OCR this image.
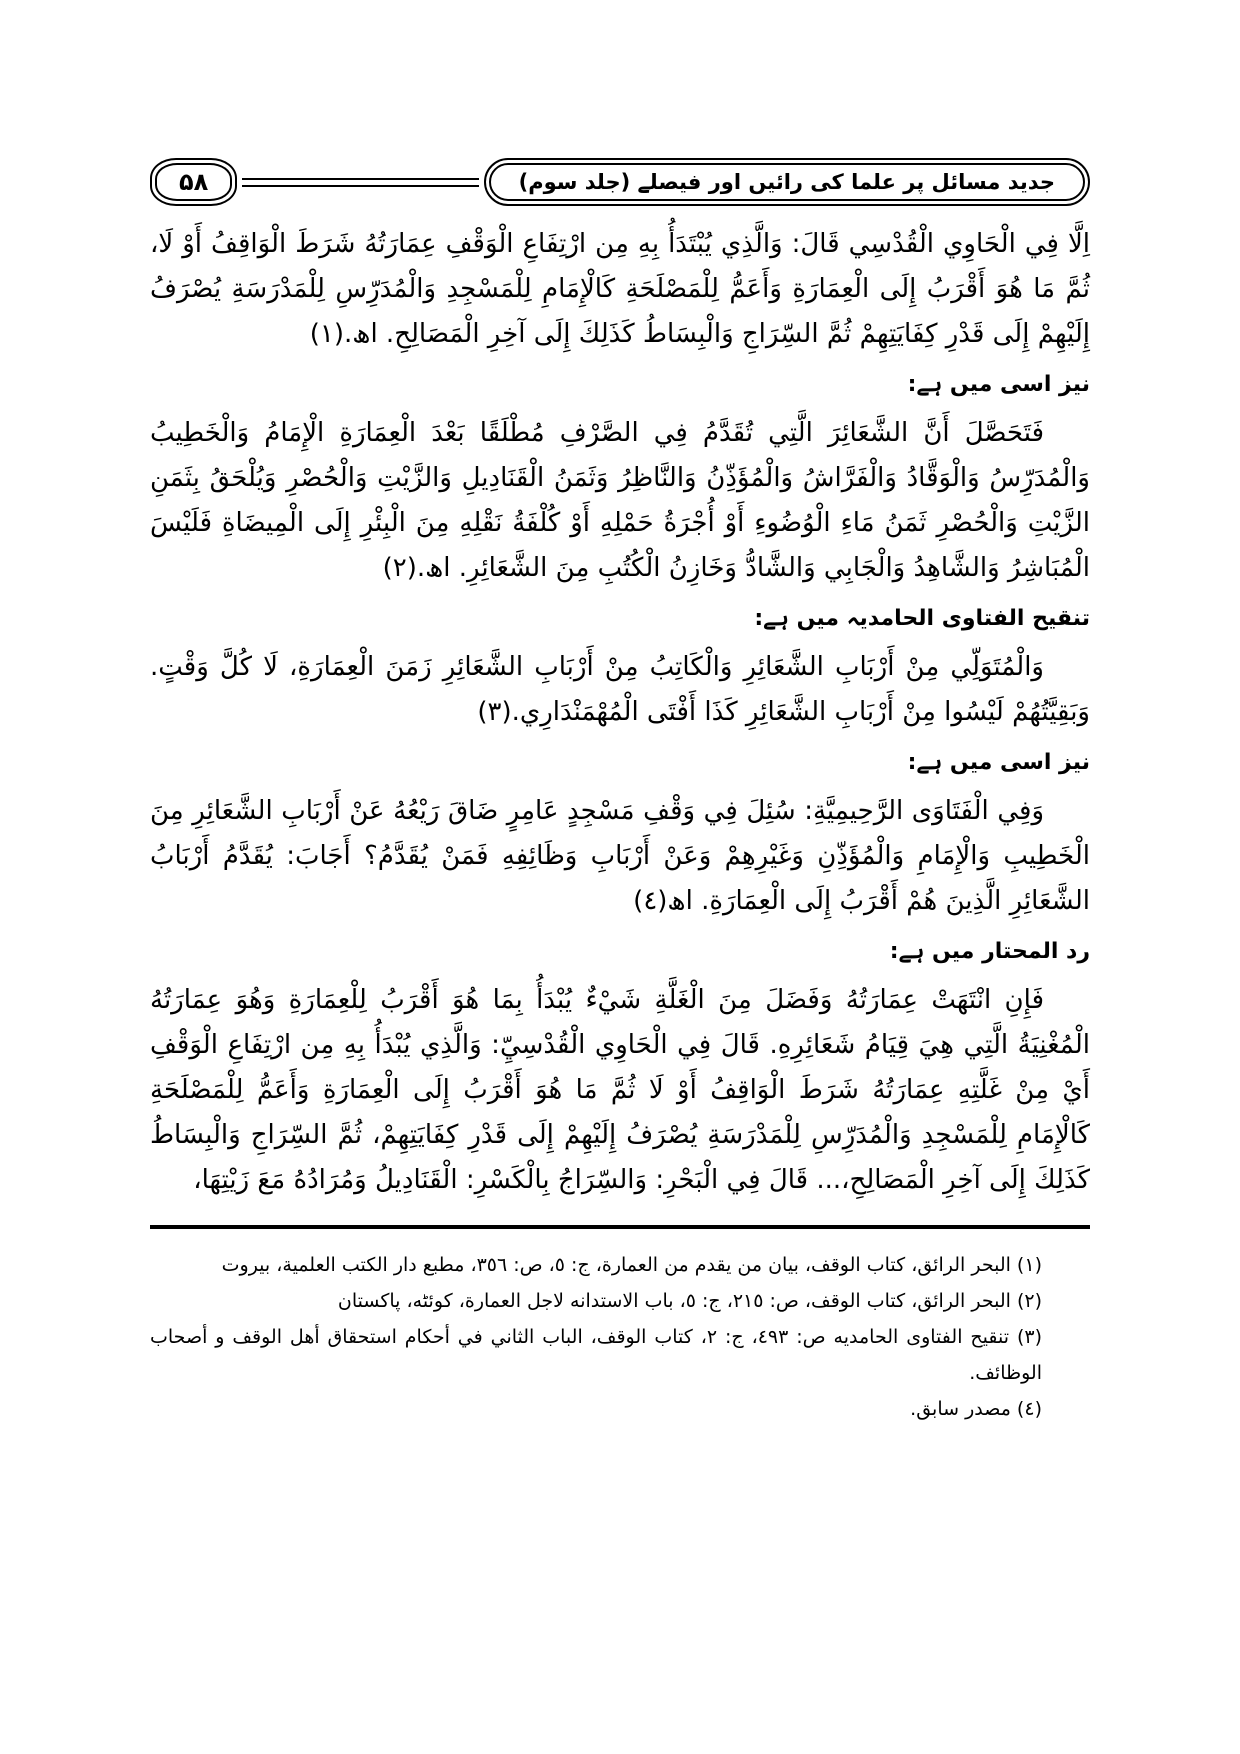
۵۸	جدید مسائل پر علما کی رائیں اور فیصلے (جلد سوم)

اِلَّا فِي الْحَاوِي الْقُدْسِي قَالَ: وَالَّذِي يُبْتَدَأُ بِهِ مِن ارْتِفَاعِ الْوَقْفِ عِمَارَتُهُ شَرَطَ الْوَاقِفُ أَوْ لَا، ثُمَّ مَا هُوَ أَقْرَبُ إِلَى الْعِمَارَةِ وَأَعَمُّ لِلْمَصْلَحَةِ كَالْإِمَامِ لِلْمَسْجِدِ وَالْمُدَرِّسِ لِلْمَدْرَسَةِ يُصْرَفُ إِلَيْهِمْ إِلَى قَدْرِ كِفَايَتِهِمْ ثُمَّ السِّرَاجِ وَالْبِسَاطُ كَذَلِكَ إِلَى آخِرِ الْمَصَالِحِ. اھ.(١)

نیز اسی میں ہے:

فَتَحَصَّلَ أَنَّ الشَّعَائِرَ الَّتِي تُقَدَّمُ فِي الصَّرْفِ مُطْلَقًا بَعْدَ الْعِمَارَةِ الْإِمَامُ وَالْخَطِيبُ وَالْمُدَرِّسُ وَالْوَقَّادُ وَالْفَرَّاشُ وَالْمُؤَذِّنُ وَالنَّاظِرُ وَثَمَنُ الْقَنَادِيلِ وَالزَّيْتِ وَالْحُصْرِ وَيُلْحَقُ بِثَمَنِ الزَّيْتِ وَالْحُصْرِ ثَمَنُ مَاءِ الْوُضُوءِ أَوْ أُجْرَةُ حَمْلِهِ أَوْ كُلْفَةُ نَقْلِهِ مِنَ الْبِئْرِ إِلَى الْمِيضَاةِ فَلَيْسَ الْمُبَاشِرُ وَالشَّاهِدُ وَالْجَابِي وَالشَّادُّ وَخَازِنُ الْكُتُبِ مِنَ الشَّعَائِرِ. اھ.(٢)

تنقیح الفتاوی الحامدیہ میں ہے:

وَالْمُتَوَلِّي مِنْ أَرْبَابِ الشَّعَائِرِ وَالْكَاتِبُ مِنْ أَرْبَابِ الشَّعَائِرِ زَمَنَ الْعِمَارَةِ، لَا كُلَّ وَقْتٍ. وَبَقِيَّتُهُمْ لَيْسُوا مِنْ أَرْبَابِ الشَّعَائِرِ كَذَا أَفْتَى الْمُهْمَنْدَارِي.(٣)

نیز اسی میں ہے:

وَفِي الْفَتَاوَى الرَّحِيمِيَّةِ: سُئِلَ فِي وَقْفِ مَسْجِدٍ عَامِرٍ ضَاقَ رَيْعُهُ عَنْ أَرْبَابِ الشَّعَائِرِ مِنَ الْخَطِيبِ وَالْإِمَامِ وَالْمُؤَذِّنِ وَغَيْرِهِمْ وَعَنْ أَرْبَابِ وَظَائِفِهِ فَمَنْ يُقَدَّمُ؟ أَجَابَ: يُقَدَّمُ أَرْبَابُ الشَّعَائِرِ الَّذِينَ هُمْ أَقْرَبُ إِلَى الْعِمَارَةِ. اھ(٤)

رد المحتار میں ہے:

فَإِنِ انْتَهَتْ عِمَارَتُهُ وَفَضَلَ مِنَ الْغَلَّةِ شَيْءٌ يُبْدَأُ بِمَا هُوَ أَقْرَبُ لِلْعِمَارَةِ وَهُوَ عِمَارَتُهُ الْمُغْنِيَةُ الَّتِي هِيَ قِيَامُ شَعَائِرِهِ. قَالَ فِي الْحَاوِي الْقُدْسِيِّ: وَالَّذِي يُبْدَأُ بِهِ مِن ارْتِفَاعِ الْوَقْفِ أَيْ مِنْ غَلَّتِهِ عِمَارَتُهُ شَرَطَ الْوَاقِفُ أَوْ لَا ثُمَّ مَا هُوَ أَقْرَبُ إِلَى الْعِمَارَةِ وَأَعَمُّ لِلْمَصْلَحَةِ كَالْإِمَامِ لِلْمَسْجِدِ وَالْمُدَرِّسِ لِلْمَدْرَسَةِ يُصْرَفُ إِلَيْهِمْ إِلَى قَدْرِ كِفَايَتِهِمْ، ثُمَّ السِّرَاجِ وَالْبِسَاطُ كَذَلِكَ إِلَى آخِرِ الْمَصَالِحِ،... قَالَ فِي الْبَحْرِ: وَالسِّرَاجُ بِالْكَسْرِ: الْقَنَادِيلُ وَمُرَادُهُ مَعَ زَيْتِهَا،

(١) البحر الرائق، كتاب الوقف، بيان من يقدم من العمارة، ج: ٥، ص: ٣٥٦، مطبع دار الكتب العلمية، بيروت

(٢) البحر الرائق، كتاب الوقف، ص: ٢١٥، ج: ٥، باب الاستدانه لاجل العمارة، كوئٹه، پاکستان

(٣) تنقيح الفتاوى الحامديه ص: ٤٩٣، ج: ٢، كتاب الوقف، الباب الثاني في أحكام استحقاق أهل الوقف و أصحاب الوظائف.

(٤) مصدر سابق.
